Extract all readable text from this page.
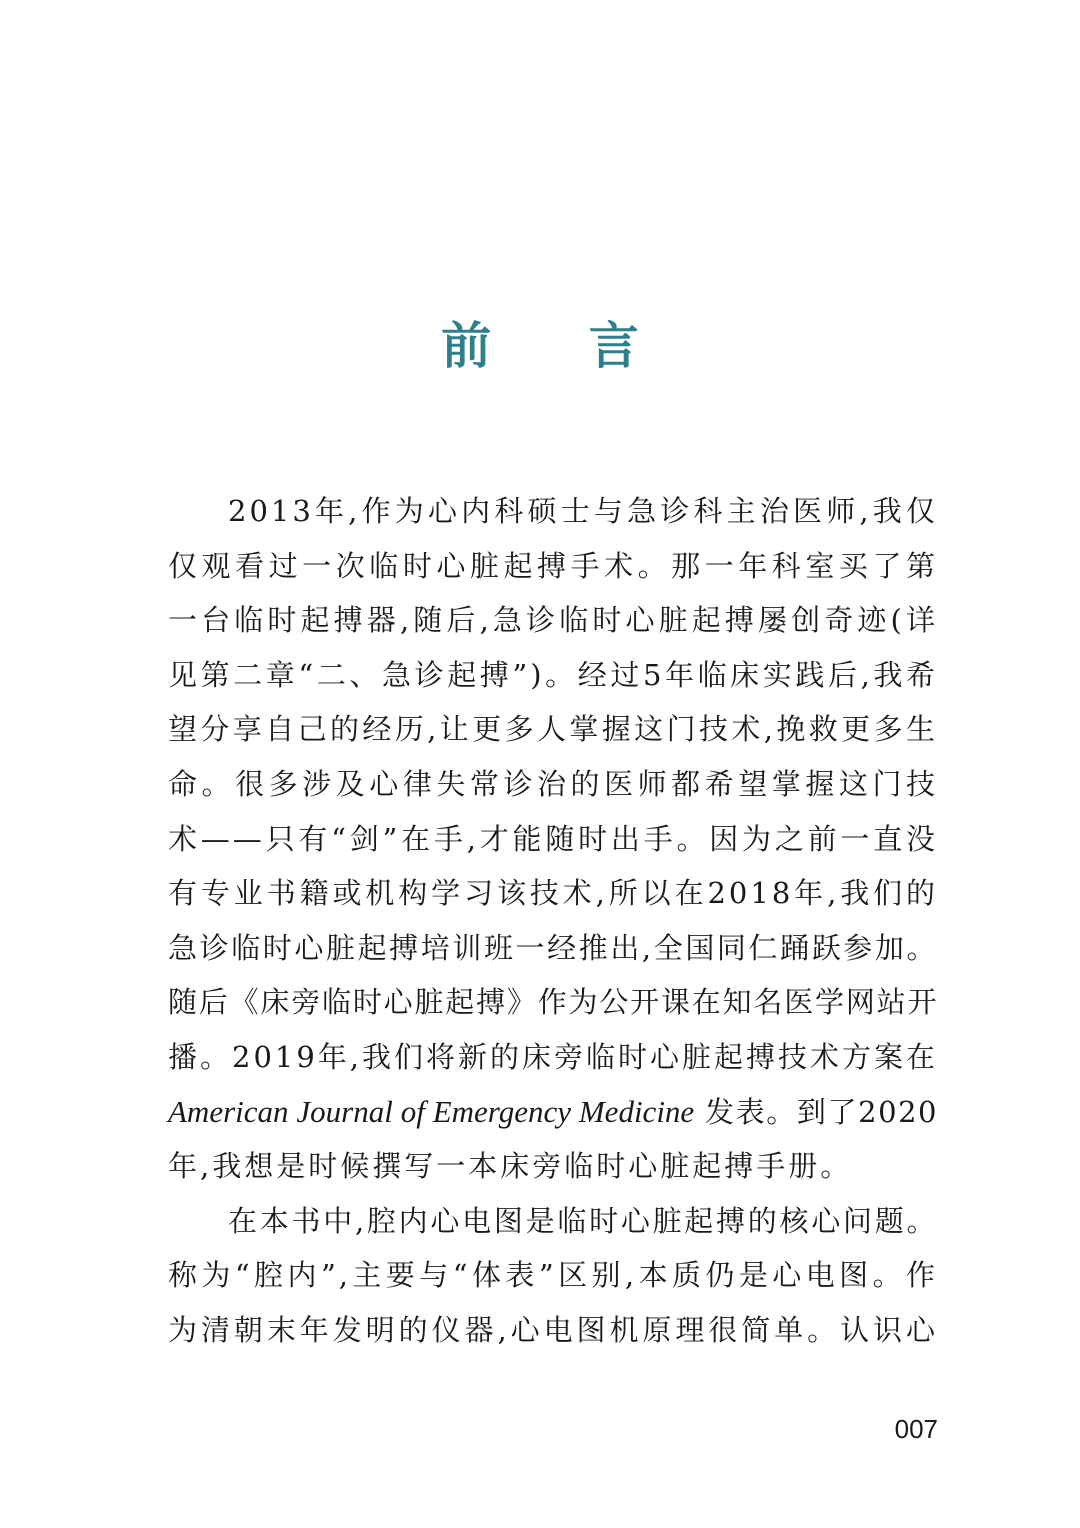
前 言
2013年,作为心内科硕士与急诊科主治医师,我仅
仅观看过一次临时心脏起搏手术。那一年科室买了第
一台临时起搏器,随后,急诊临时心脏起搏屡创奇迹(详
见第二章“二、急诊起搏”)。经过5年临床实践后,我希
望分享自己的经历,让更多人掌握这门技术,挽救更多生
命。很多涉及心律失常诊治的医师都希望掌握这门技
术——只有“剑”在手,才能随时出手。因为之前一直没
有专业书籍或机构学习该技术,所以在2018年,我们的
急诊临时心脏起搏培训班一经推出,全国同仁踊跃参加。
随后《床旁临时心脏起搏》作为公开课在知名医学网站开
播。2019年,我们将新的床旁临时心脏起搏技术方案在
American Journal of Emergency Medicine 发表。到了2020
年,我想是时候撰写一本床旁临时心脏起搏手册。
在本书中,腔内心电图是临时心脏起搏的核心问题。
称为“腔内”,主要与“体表”区别,本质仍是心电图。作
为清朝末年发明的仪器,心电图机原理很简单。认识心
007
